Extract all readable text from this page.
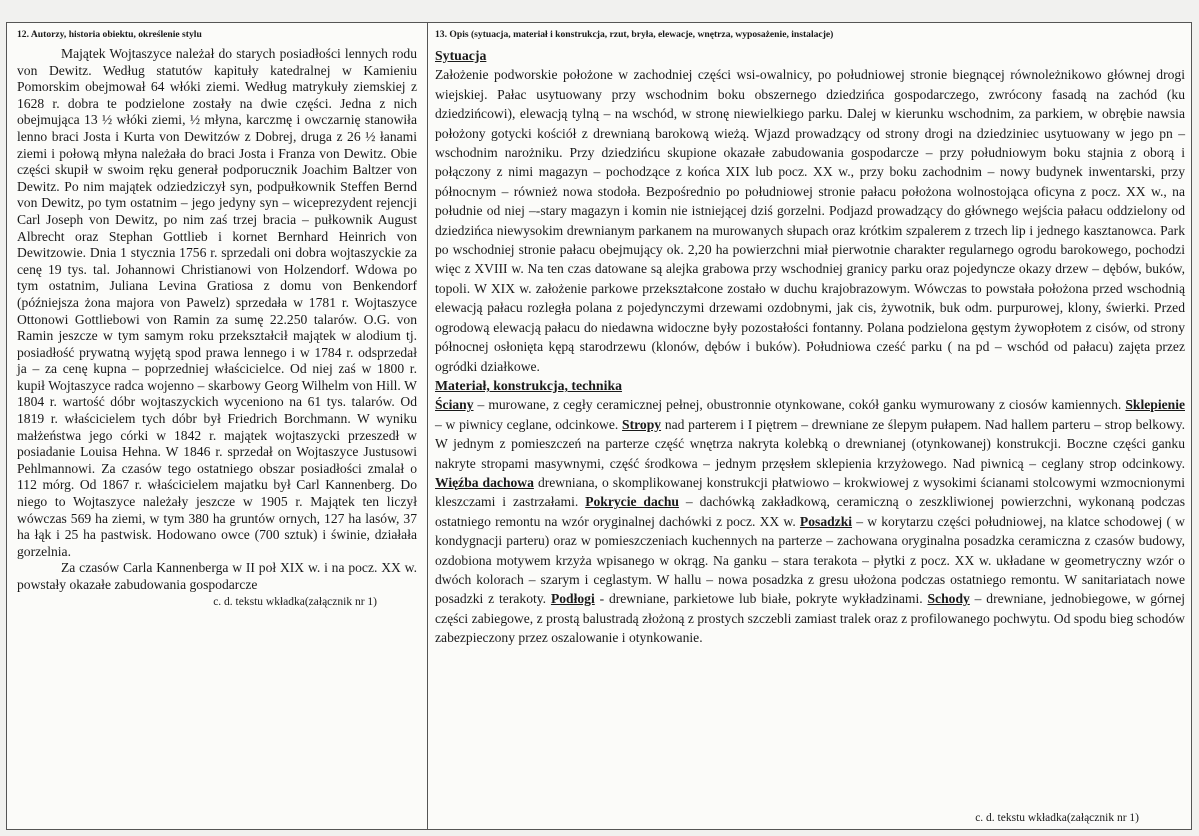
12. Autorzy, historia obiektu, określenie stylu

Majątek Wojtaszyce należał do starych posiadłości lennych rodu von Dewitz. Według statutów kapituły katedralnej w Kamieniu Pomorskim obejmował 64 włóki ziemi. Według matrykuły ziemskiej z 1628 r. dobra te podzielone zostały na dwie części. Jedna z nich obejmująca 13 ½ włóki ziemi, ½ młyna, karczmę i owczarnię stanowiła lenno braci Josta i Kurta von Dewitzów z Dobrej, druga z 26 ½ łanami ziemi i połową młyna należała do braci Josta i Franza von Dewitz. Obie części skupił w swoim ręku generał podporucznik Joachim Baltzer von Dewitz. Po nim majątek odziedziczył syn, podpułkownik Steffen Bernd von Dewitz, po tym ostatnim – jego jedyny syn – wiceprezydent rejencji Carl Joseph von Dewitz, po nim zaś trzej bracia – pułkownik August Albrecht oraz Stephan Gottlieb i kornet Bernhard Heinrich von Dewitzowie. Dnia 1 stycznia 1756 r. sprzedali oni dobra wojtaszyckie za cenę 19 tys. tal. Johannowi Christianowi von Holzendorf. Wdowa po tym ostatnim, Juliana Levina Gratiosa z domu von Benkendorf (późniejsza żona majora von Pawelz) sprzedała w 1781 r. Wojtaszyce Ottonowi Gottliebowi von Ramin za sumę 22.250 talarów. O.G. von Ramin jeszcze w tym samym roku przekształcił majątek w alodium tj. posiadłość prywatną wyjętą spod prawa lennego i w 1784 r. odsprzedał ja – za cenę kupna – poprzedniej właścicielce. Od niej zaś w 1800 r. kupił Wojtaszyce radca wojenno – skarbowy Georg Wilhelm von Hill. W 1804 r. wartość dóbr wojtaszyckich wyceniono na 61 tys. talarów. Od 1819 r. właścicielem tych dóbr był Friedrich Borchmann. W wyniku małżeństwa jego córki w 1842 r. majątek wojtaszycki przeszedł w posiadanie Louisa Hehna. W 1846 r. sprzedał on Wojtaszyce Justusowi Pehlmannowi. Za czasów tego ostatniego obszar posiadłości zmalał o 112 mórg. Od 1867 r. właścicielem majatku był Carl Kannenberg. Do niego to Wojtaszyce należały jeszcze w 1905 r. Majątek ten liczył wówczas 569 ha ziemi, w tym 380 ha gruntów ornych, 127 ha lasów, 37 ha łąk i 25 ha pastwisk. Hodowano owce (700 sztuk) i świnie, działała gorzelnia.

Za czasów Carla Kannenberga w II poł XIX w. i na pocz. XX w. powstały okazałe zabudowania gospodarcze

c. d. tekstu wkładka(załącznik nr 1)
13. Opis (sytuacja, materiał i konstrukcja, rzut, bryła, elewacje, wnętrza, wyposażenie, instalacje)
Sytuacja
Założenie podworskie położone w zachodniej części wsi-owalnicy, po południowej stronie biegnącej równoleżnikowo głównej drogi wiejskiej. Pałac usytuowany przy wschodnim boku obszernego dziedzińca gospodarczego, zwrócony fasadą na zachód (ku dziedzińcowi), elewacją tylną – na wschód, w stronę niewielkiego parku. Dalej w kierunku wschodnim, za parkiem, w obrębie nawsia położony gotycki kościół z drewnianą barokową wieżą. Wjazd prowadzący od strony drogi na dziedziniec usytuowany w jego pn – wschodnim narożniku. Przy dziedzińcu skupione okazałe zabudowania gospodarcze – przy południowym boku stajnia z oborą i połączony z nimi magazyn – pochodzące z końca XIX lub pocz. XX w., przy boku zachodnim – nowy budynek inwentarski, przy północnym – również nowa stodoła. Bezpośrednio po południowej stronie pałacu położona wolnostojąca oficyna z pocz. XX w., na południe od niej –-stary magazyn i komin nie istniejącej dziś gorzelni. Podjazd prowadzący do głównego wejścia pałacu oddzielony od dziedzińca niewysokim drewnianym parkanem na murowanych słupach oraz krótkim szpalerem z trzech lip i jednego kasztanowca. Park po wschodniej stronie pałacu obejmujący ok. 2,20 ha powierzchni miał pierwotnie charakter regularnego ogrodu barokowego, pochodzi więc z XVIII w. Na ten czas datowane są alejka grabowa przy wschodniej granicy parku oraz pojedyncze okazy drzew – dębów, buków, topoli. W XIX w. założenie parkowe przekształcone zostało w duchu krajobrazowym. Wówczas to powstała położona przed wschodnią elewacją pałacu rozległa polana z pojedynczymi drzewami ozdobnymi, jak cis, żywotnik, buk odm. purpurowej, klony, świerki. Przed ogrodową elewacją pałacu do niedawna widoczne były pozostałości fontanny. Polana podzielona gęstym żywopłotem z cisów, od strony północnej osłonięta kępą starodrzewu (klonów, dębów i buków). Południowa cześć parku ( na pd – wschód od pałacu) zajęta przez ogródki działkowe.
Materiał, konstrukcja, technika
Ściany – murowane, z cegły ceramicznej pełnej, obustronnie otynkowane, cokół ganku wymurowany z ciosów kamiennych. Sklepienie – w piwnicy ceglane, odcinkowe. Stropy nad parterem i I piętrem – drewniane ze ślepym pułapem. Nad hallem parteru – strop belkowy. W jednym z pomieszczeń na parterze część wnętrza nakryta kolebką o drewnianej (otynkowanej) konstrukcji. Boczne części ganku nakryte stropami masywnymi, część środkowa – jednym przęsłem sklepienia krzyżowego. Nad piwnicą – ceglany strop odcinkowy. Więźba dachowa drewniana, o skomplikowanej konstrukcji płatwiowo – krokwiowej z wysokimi ścianami stolcowymi wzmocnionymi kleszczami i zastrzałami. Pokrycie dachu – dachówką zakładkową, ceramiczną o zeszkliwionej powierzchni, wykonaną podczas ostatniego remontu na wzór oryginalnej dachówki z pocz. XX w. Posadzki – w korytarzu części południowej, na klatce schodowej ( w kondygnacji parteru) oraz w pomieszczeniach kuchennych na parterze – zachowana oryginalna posadzka ceramiczna z czasów budowy, ozdobiona motywem krzyża wpisanego w okrąg. Na ganku – stara terakota – płytki z pocz. XX w. układane w geometryczny wzór o dwóch kolorach – szarym i ceglastym. W hallu – nowa posadzka z gresu ułożona podczas ostatniego remontu. W sanitariatach nowe posadzki z terakoty. Podłogi - drewniane, parkietowe lub białe, pokryte wykładzinami. Schody – drewniane, jednobiegowe, w górnej części zabiegowe, z prostą balustradą złożoną z prostych szczebli zamiast tralek oraz z profilowanego pochwytu. Od spodu bieg schodów zabezpieczony przez oszalowanie i otynkowanie.
c. d. tekstu wkładka(załącznik nr 1)
